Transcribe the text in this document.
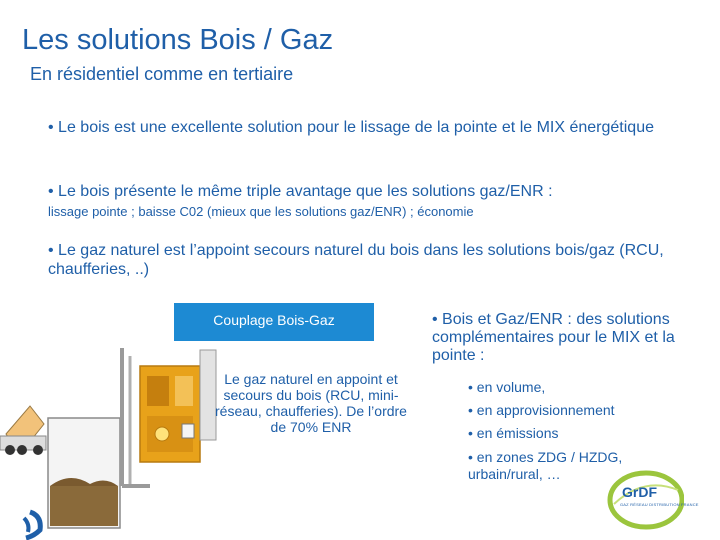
Les solutions Bois / Gaz
En résidentiel comme en tertiaire
• Le bois est une excellente solution pour le lissage de la pointe et le MIX énergétique
• Le bois présente le même triple avantage que les solutions gaz/ENR :
lissage pointe ; baisse C02 (mieux que les solutions gaz/ENR) ; économie
• Le gaz naturel est l’appoint secours naturel du bois dans les solutions bois/gaz (RCU, chaufferies, ..)
Couplage Bois-Gaz
Le gaz naturel en appoint et secours du bois (RCU, mini-réseau, chaufferies). De l’ordre de 70% ENR
• Bois et Gaz/ENR : des solutions complémentaires pour le MIX et la pointe :
• en volume,
• en approvisionnement
• en émissions
• en zones ZDG / HZDG, urbain/rural, …
GrDF
GAZ RÉSEAU DISTRIBUTION FRANCE
